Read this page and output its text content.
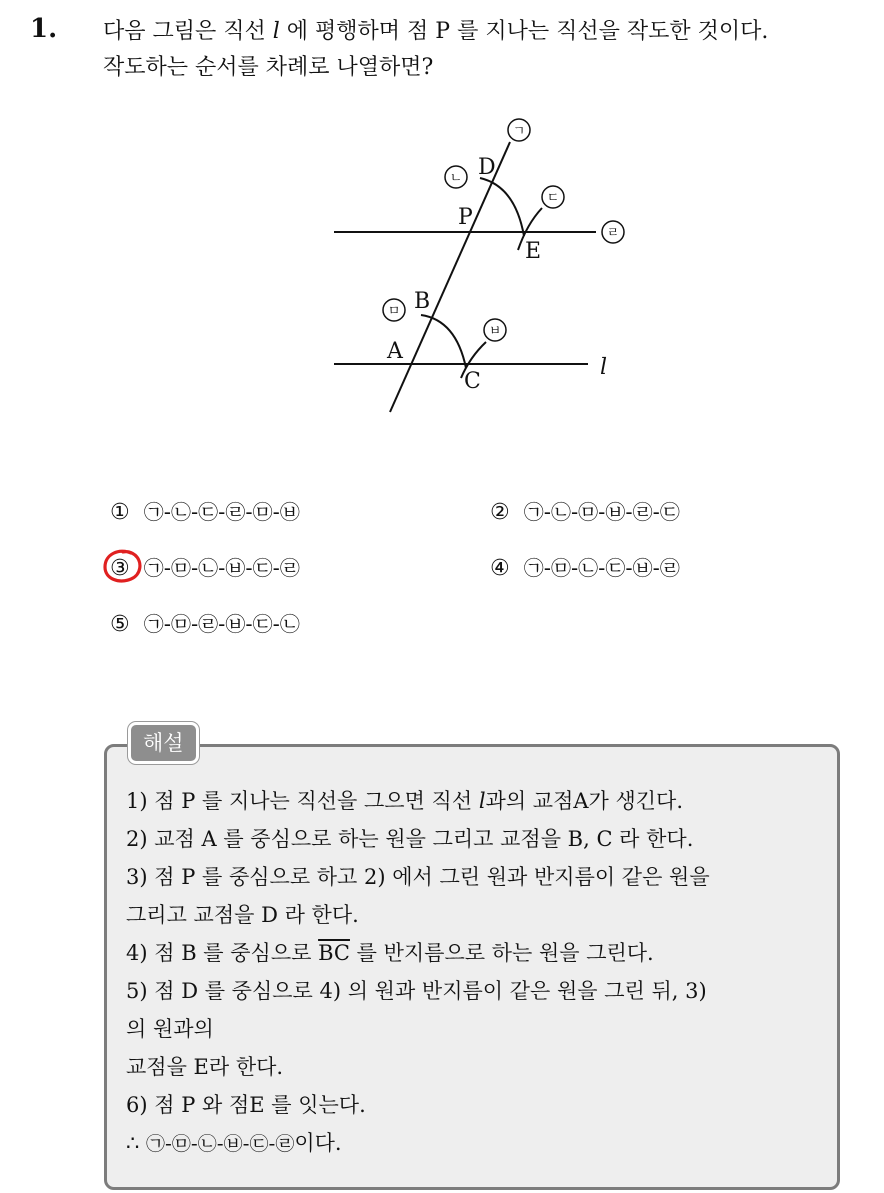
1. 다음 그림은 직선 l 에 평행하며 점 P 를 지나는 직선을 작도한 것이다.
작도하는 순서를 차례로 나열하면?
D
P
E
B
A
C
l
ㄱ
ㄴ
ㄷ
ㄹ
ㅁ
ㅂ
① ㉠-㉡-㉢-㉣-㉤-㉥	② ㉠-㉡-㉤-㉥-㉣-㉢
③ ㉠-㉤-㉡-㉥-㉢-㉣	④ ㉠-㉤-㉡-㉢-㉥-㉣
⑤ ㉠-㉤-㉣-㉥-㉢-㉡
해설
1) 점 P 를 지나는 직선을 그으면 직선 l과의 교점A가 생긴다.
2) 교점 A 를 중심으로 하는 원을 그리고 교점을 B, C 라 한다.
3) 점 P 를 중심으로 하고 2) 에서 그린 원과 반지름이 같은 원을
그리고 교점을 D 라 한다.
4) 점 B 를 중심으로 $\overline{BC}$ 를 반지름으로 하는 원을 그린다.
5) 점 D 를 중심으로 4) 의 원과 반지름이 같은 원을 그린 뒤, 3)
의 원과의
교점을 E라 한다.
6) 점 P 와 점E 를 잇는다.
∴ ㉠-㉤-㉡-㉥-㉢-㉣이다.
